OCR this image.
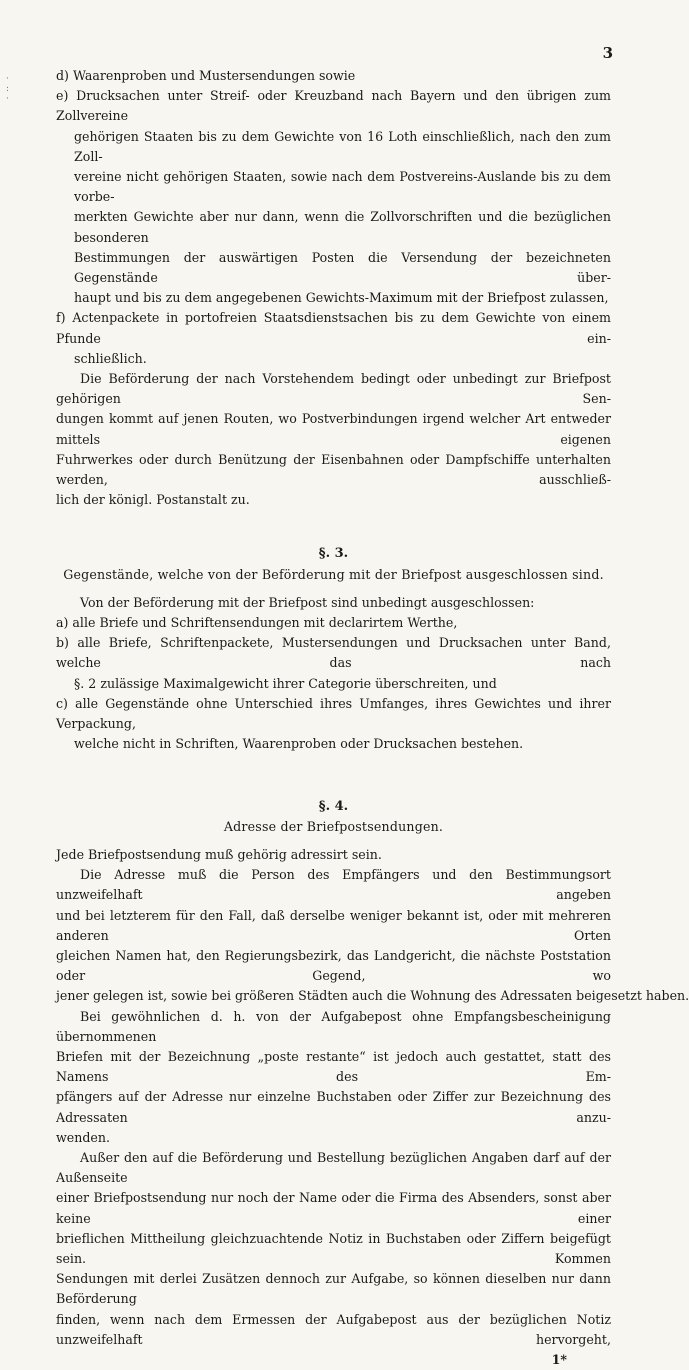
3
·
:
·
d) Waarenproben und Mustersendungen sowie
e) Drucksachen unter Streif- oder Kreuzband nach Bayern und den übrigen zum Zollvereine
gehörigen Staaten bis zu dem Gewichte von 16 Loth einschließlich, nach den zum Zoll-
vereine nicht gehörigen Staaten, sowie nach dem Postvereins-Auslande bis zu dem vorbe-
merkten Gewichte aber nur dann, wenn die Zollvorschriften und die bezüglichen besonderen
Bestimmungen der auswärtigen Posten die Versendung der bezeichneten Gegenstände über-
haupt und bis zu dem angegebenen Gewichts-Maximum mit der Briefpost zulassen,
f) Actenpackete in portofreien Staatsdienstsachen bis zu dem Gewichte von einem Pfunde ein-
schließlich.
Die Beförderung der nach Vorstehendem bedingt oder unbedingt zur Briefpost gehörigen Sen-
dungen kommt auf jenen Routen, wo Postverbindungen irgend welcher Art entweder mittels eigenen
Fuhrwerkes oder durch Benützung der Eisenbahnen oder Dampfschiffe unterhalten werden, ausschließ-
lich der königl. Postanstalt zu.
§. 3.
Gegenstände, welche von der Beförderung mit der Briefpost ausgeschlossen sind.
Von der Beförderung mit der Briefpost sind unbedingt ausgeschlossen:
a) alle Briefe und Schriftensendungen mit declarirtem Werthe,
b) alle Briefe, Schriftenpackete, Mustersendungen und Drucksachen unter Band, welche das nach
§. 2 zulässige Maximalgewicht ihrer Categorie überschreiten, und
c) alle Gegenstände ohne Unterschied ihres Umfanges, ihres Gewichtes und ihrer Verpackung,
welche nicht in Schriften, Waarenproben oder Drucksachen bestehen.
§. 4.
Adresse der Briefpostsendungen.
Jede Briefpostsendung muß gehörig adressirt sein.
Die Adresse muß die Person des Empfängers und den Bestimmungsort unzweifelhaft angeben
und bei letzterem für den Fall, daß derselbe weniger bekannt ist, oder mit mehreren anderen Orten
gleichen Namen hat, den Regierungsbezirk, das Landgericht, die nächste Poststation oder Gegend, wo
jener gelegen ist, sowie bei größeren Städten auch die Wohnung des Adressaten beigesetzt haben.
Bei gewöhnlichen d. h. von der Aufgabepost ohne Empfangsbescheinigung übernommenen
Briefen mit der Bezeichnung „poste restante“ ist jedoch auch gestattet, statt des Namens des Em-
pfängers auf der Adresse nur einzelne Buchstaben oder Ziffer zur Bezeichnung des Adressaten anzu-
wenden.
Außer den auf die Beförderung und Bestellung bezüglichen Angaben darf auf der Außenseite
einer Briefpostsendung nur noch der Name oder die Firma des Absenders, sonst aber keine einer
brieflichen Mittheilung gleichzuachtende Notiz in Buchstaben oder Ziffern beigefügt sein. Kommen
Sendungen mit derlei Zusätzen dennoch zur Aufgabe, so können dieselben nur dann Beförderung
finden, wenn nach dem Ermessen der Aufgabepost aus der bezüglichen Notiz unzweifelhaft hervorgeht,
1*
